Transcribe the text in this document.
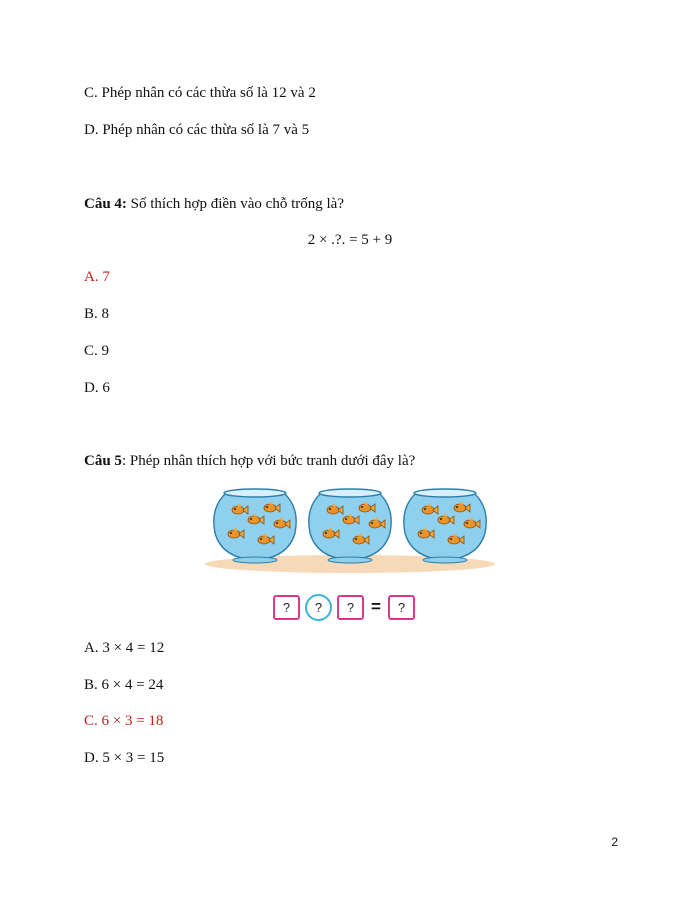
C. Phép nhân có các thừa số là 12 và 2
D. Phép nhân có các thừa số là 7 và 5
Câu 4: Số thích hợp điền vào chỗ trống là?
2 × .?. = 5 + 9
A. 7
B. 8
C. 9
D. 6
Câu 5: Phép nhân thích hợp với bức tranh dưới đây là?
?	?	? =	?
A. 3 × 4 = 12
B. 6 × 4 = 24
C. 6 × 3 = 18
D. 5 × 3 = 15
2
